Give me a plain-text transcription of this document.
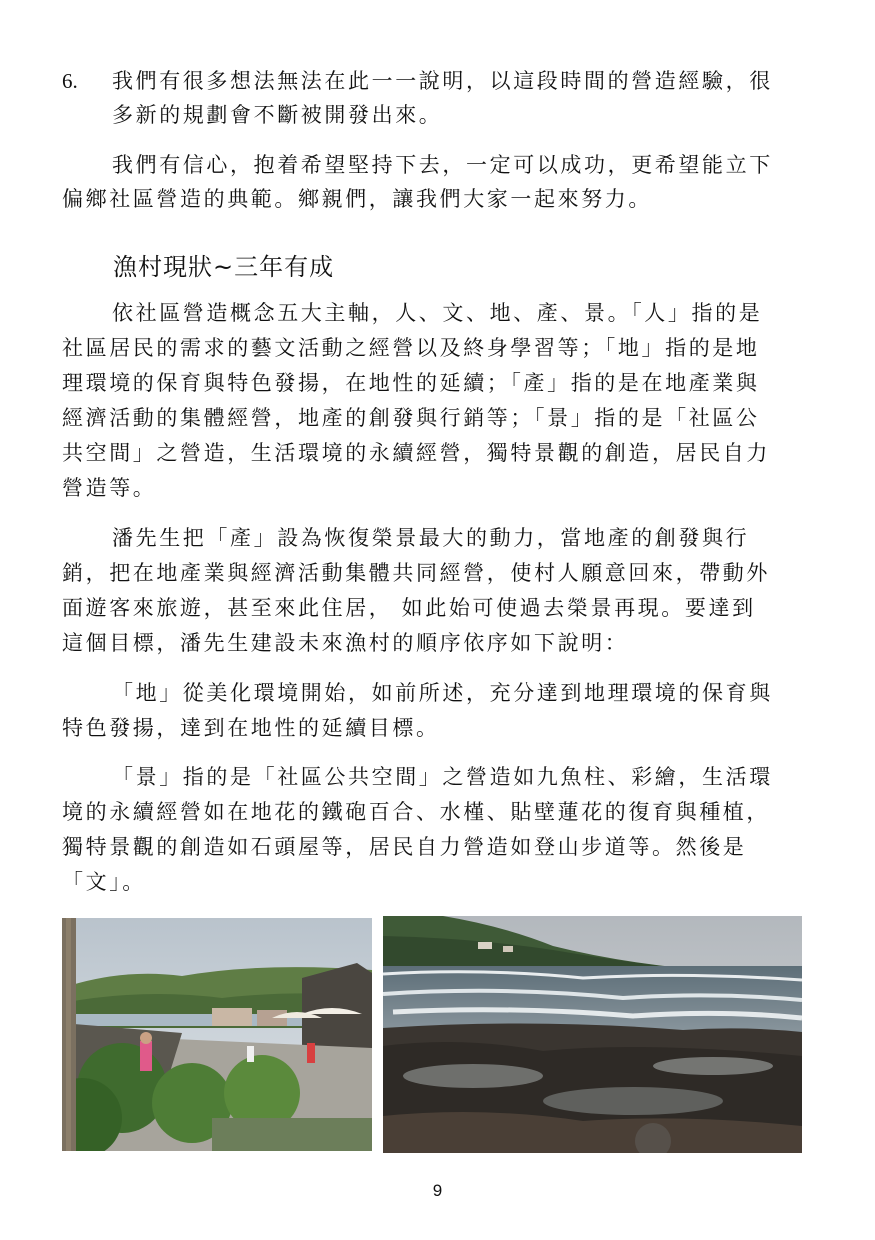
6. 我們有很多想法無法在此一一說明，以這段時間的營造經驗，很
多新的規劃會不斷被開發出來。
我們有信心，抱着希望堅持下去，一定可以成功，更希望能立下
偏鄉社區營造的典範。鄉親們，讓我們大家一起來努力。
漁村現狀~三年有成
依社區營造概念五大主軸，人、文、地、產、景。「人」指的是
社區居民的需求的藝文活動之經營以及終身學習等；「地」指的是地
理環境的保育與特色發揚，在地性的延續；「產」指的是在地產業與
經濟活動的集體經營，地產的創發與行銷等；「景」指的是「社區公
共空間」之營造，生活環境的永續經營，獨特景觀的創造，居民自力
營造等。
潘先生把「產」設為恢復榮景最大的動力，當地產的創發與行
銷，把在地產業與經濟活動集體共同經營，使村人願意回來，帶動外
面遊客來旅遊，甚至來此住居， 如此始可使過去榮景再現。要達到
這個目標，潘先生建設未來漁村的順序依序如下說明：
「地」從美化環境開始，如前所述，充分達到地理環境的保育與
特色發揚，達到在地性的延續目標。
「景」指的是「社區公共空間」之營造如九魚柱、彩繪，生活環
境的永續經營如在地花的鐵砲百合、水槿、貼壁蓮花的復育與種植，
獨特景觀的創造如石頭屋等，居民自力營造如登山步道等。然後是
「文」。
9
